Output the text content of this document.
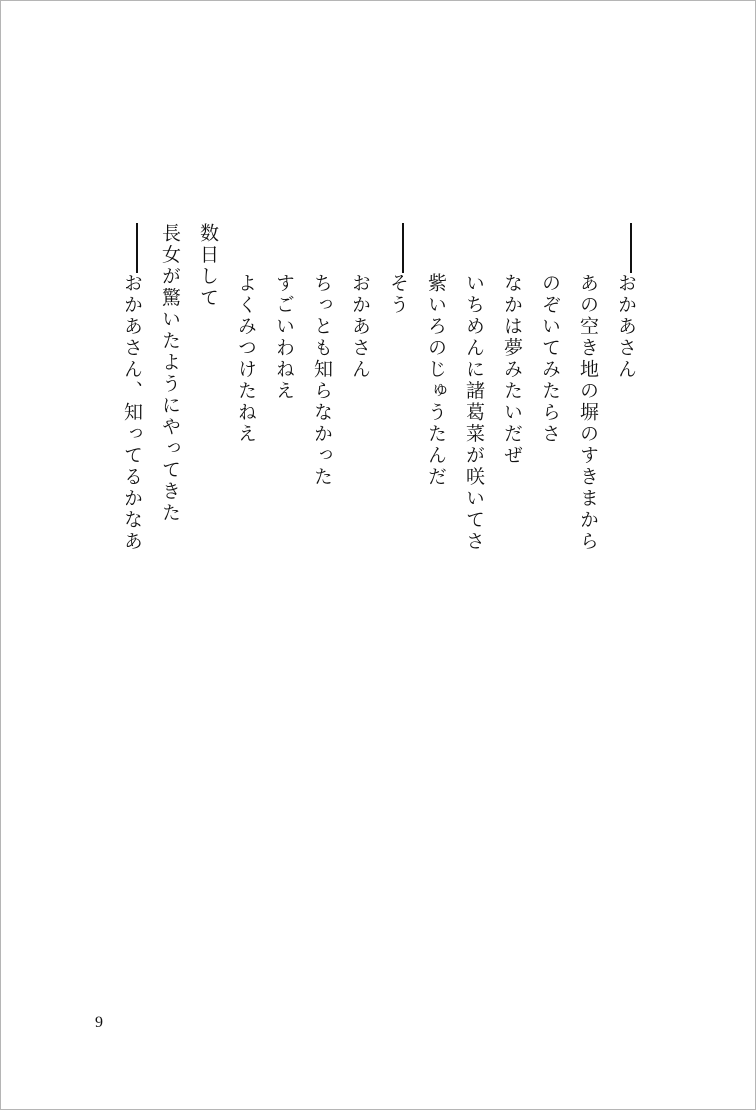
おかあさん
あの空き地の塀のすきまから
のぞいてみたらさ
なかは夢みたいだぜ
いちめんに諸葛菜が咲いてさ
紫いろのじゅうたんだ
そう
おかあさん
ちっとも知らなかった
すごいわねえ
よくみつけたねえ
数日して
長女が驚いたようにやってきた
おかあさん、知ってるかなあ
9
